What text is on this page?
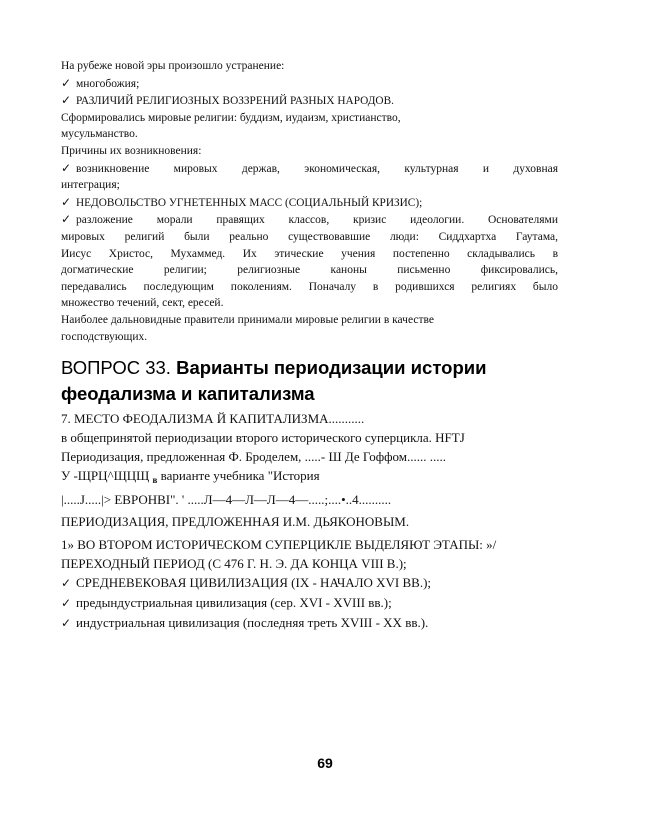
На рубеже новой эры произошло устранение:
✓ многобожия;
✓ РАЗЛИЧИЙ РЕЛИГИОЗНЫХ ВОЗЗРЕНИЙ РАЗНЫХ НАРОДОВ.
Сформировались мировые религии: буддизм, иудаизм, христианство,
мусульманство.
Причины их возникновения:
✓ возникновение мировых держав, экономическая, культурная и духовная
интеграция;
✓ НЕДОВОЛЬСТВО УГНЕТЕННЫХ МАСС (СОЦИАЛЬНЫЙ КРИЗИС);
✓ разложение морали правящих классов, кризис идеологии. Основателями
мировых религий были реально существовавшие люди: Сиддхартха Гаутама,
Иисус Христос, Мухаммед. Их этические учения постепенно складывались в
догматические религии; религиозные каноны письменно фиксировались,
передавались последующим поколениям. Поначалу в родившихся религиях было
множество течений, сект, ересей.
Наиболее дальновидные правители принимали мировые религии в качестве
господствующих.
ВОПРОС 33. Варианты периодизации истории
феодализма и капитализма
7. МЕСТО ФЕОДАЛИЗМА Й КАПИТАЛИЗМА...........
в общепринятой периодизации второго исторического суперцикла. НFTJ
Периодизация, предложенная Ф. Броделем, .....- Ш Де Гоффом...... .....
У -ЩРЦ^ЩЦЩ $_в$ варианте учебника "История
|.....J.....|> ЕВРОНВI". ' .....Л—4—Л—Л—4—.....;....•..4..........
ПЕРИОДИЗАЦИЯ, ПРЕДЛОЖЕННАЯ И.М. ДЬЯКОНОВЫМ.
1» ВО ВТОРОМ ИСТОРИЧЕСКОМ СУПЕРЦИКЛЕ ВЫДЕЛЯЮТ ЭТАПЫ: »/
ПЕРЕХОДНЫЙ ПЕРИОД (С 476 Г. Н. Э. ДА КОНЦА VIII В.);
✓ СРЕДНЕВЕКОВАЯ ЦИВИЛИЗАЦИЯ (IX - НАЧАЛО XVI ВВ.);
✓ предындустриальная цивилизация (сер. XVI - XVIII вв.);
✓ индустриальная цивилизация (последняя треть XVIII - XX вв.).
69
